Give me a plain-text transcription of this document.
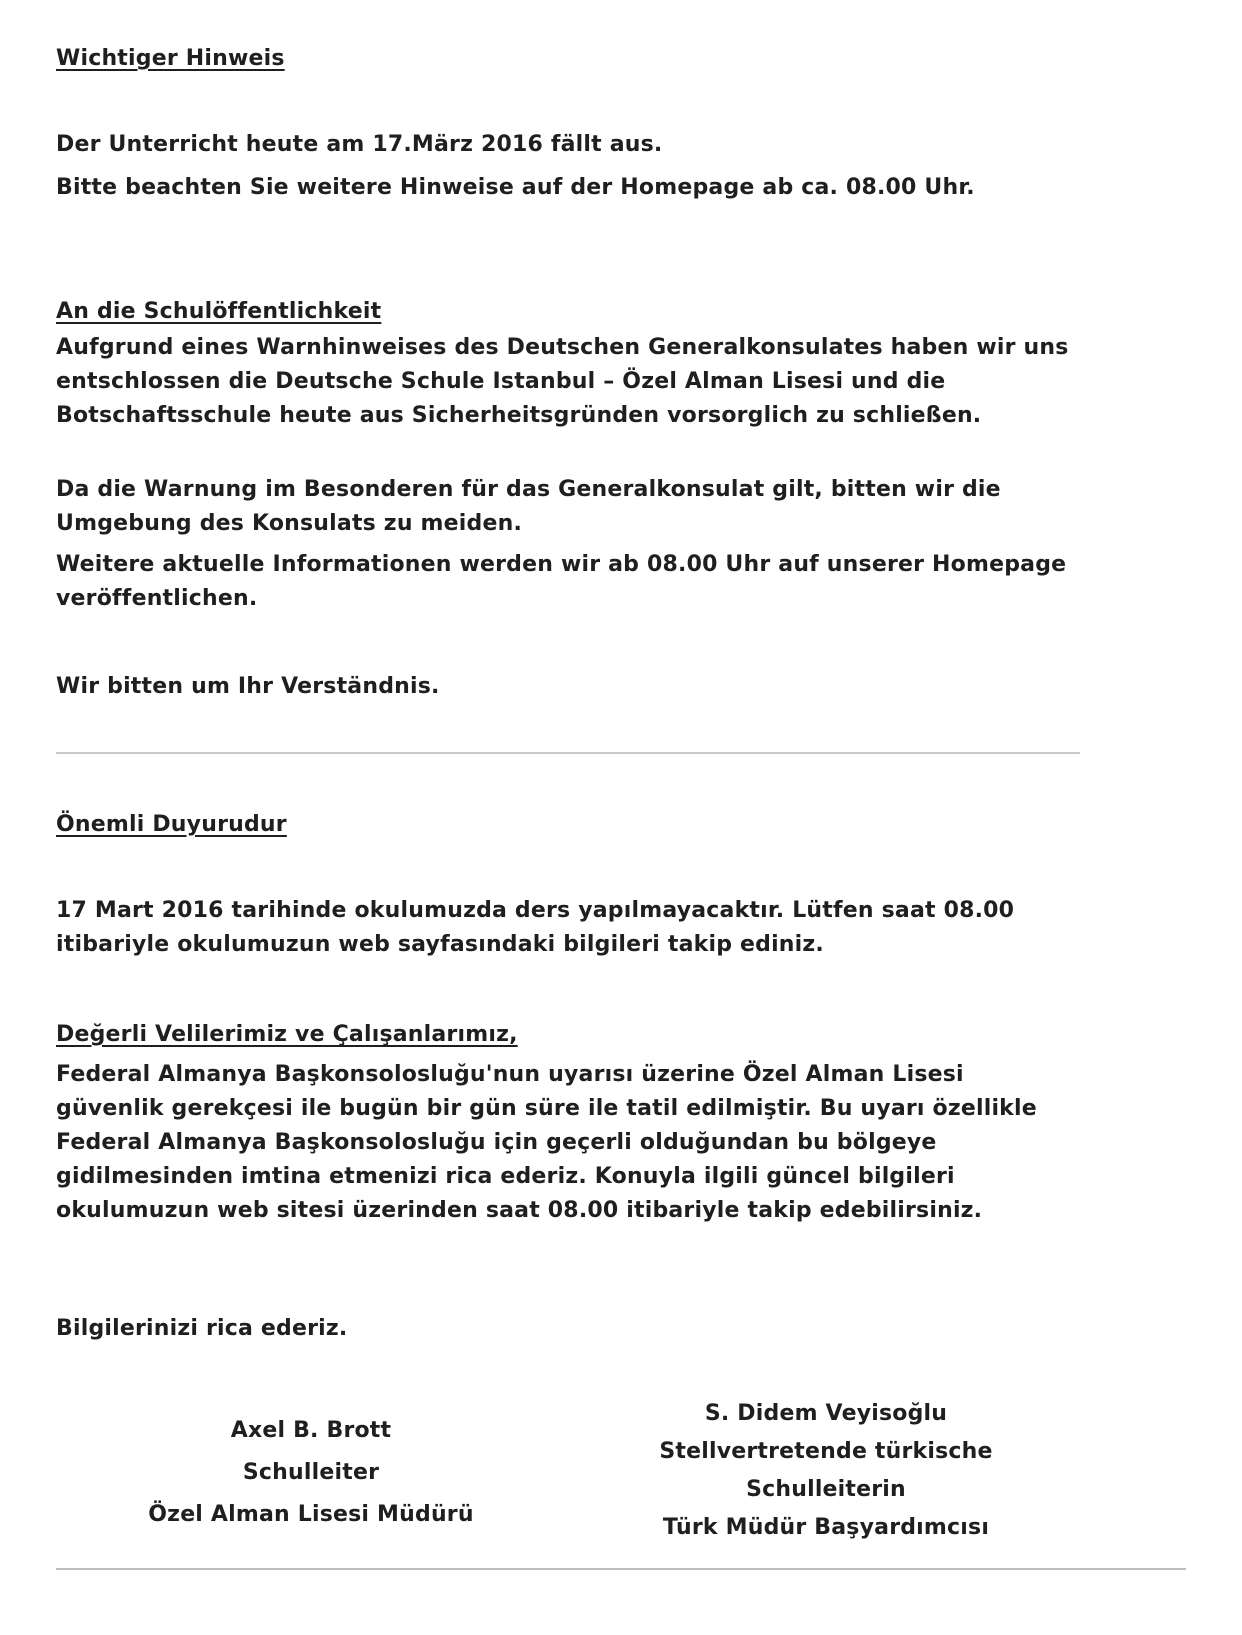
Wichtiger Hinweis

Der Unterricht heute am 17.März 2016 fällt aus.

Bitte beachten Sie weitere Hinweise auf der Homepage ab ca. 08.00 Uhr.

An die Schulöffentlichkeit

Aufgrund eines Warnhinweises des Deutschen Generalkonsulates haben wir uns entschlossen die Deutsche Schule Istanbul – Özel Alman Lisesi und die Botschaftsschule heute aus Sicherheitsgründen vorsorglich zu schließen.

Da die Warnung im Besonderen für das Generalkonsulat gilt, bitten wir die Umgebung des Konsulats zu meiden.

Weitere aktuelle Informationen werden wir ab 08.00 Uhr auf unserer Homepage veröffentlichen.

Wir bitten um Ihr Verständnis.

Önemli Duyurudur

17 Mart 2016 tarihinde okulumuzda ders yapılmayacaktır. Lütfen saat 08.00 itibariyle okulumuzun web sayfasındaki bilgileri takip ediniz.

Değerli Velilerimiz ve Çalışanlarımız,

Federal Almanya Başkonsolosluğu'nun uyarısı üzerine Özel Alman Lisesi güvenlik gerekçesi ile bugün bir gün süre ile tatil edilmiştir. Bu uyarı özellikle Federal Almanya Başkonsolosluğu için geçerli olduğundan bu bölgeye gidilmesinden imtina etmenizi rica ederiz. Konuyla ilgili güncel bilgileri okulumuzun web sitesi üzerinden saat 08.00 itibariyle takip edebilirsiniz.

Bilgilerinizi rica ederiz.

Axel B. Brott

Schulleiter

Özel Alman Lisesi Müdürü

S. Didem Veyisoğlu

Stellvertretende türkische

Schulleiterin

Türk Müdür Başyardımcısı
